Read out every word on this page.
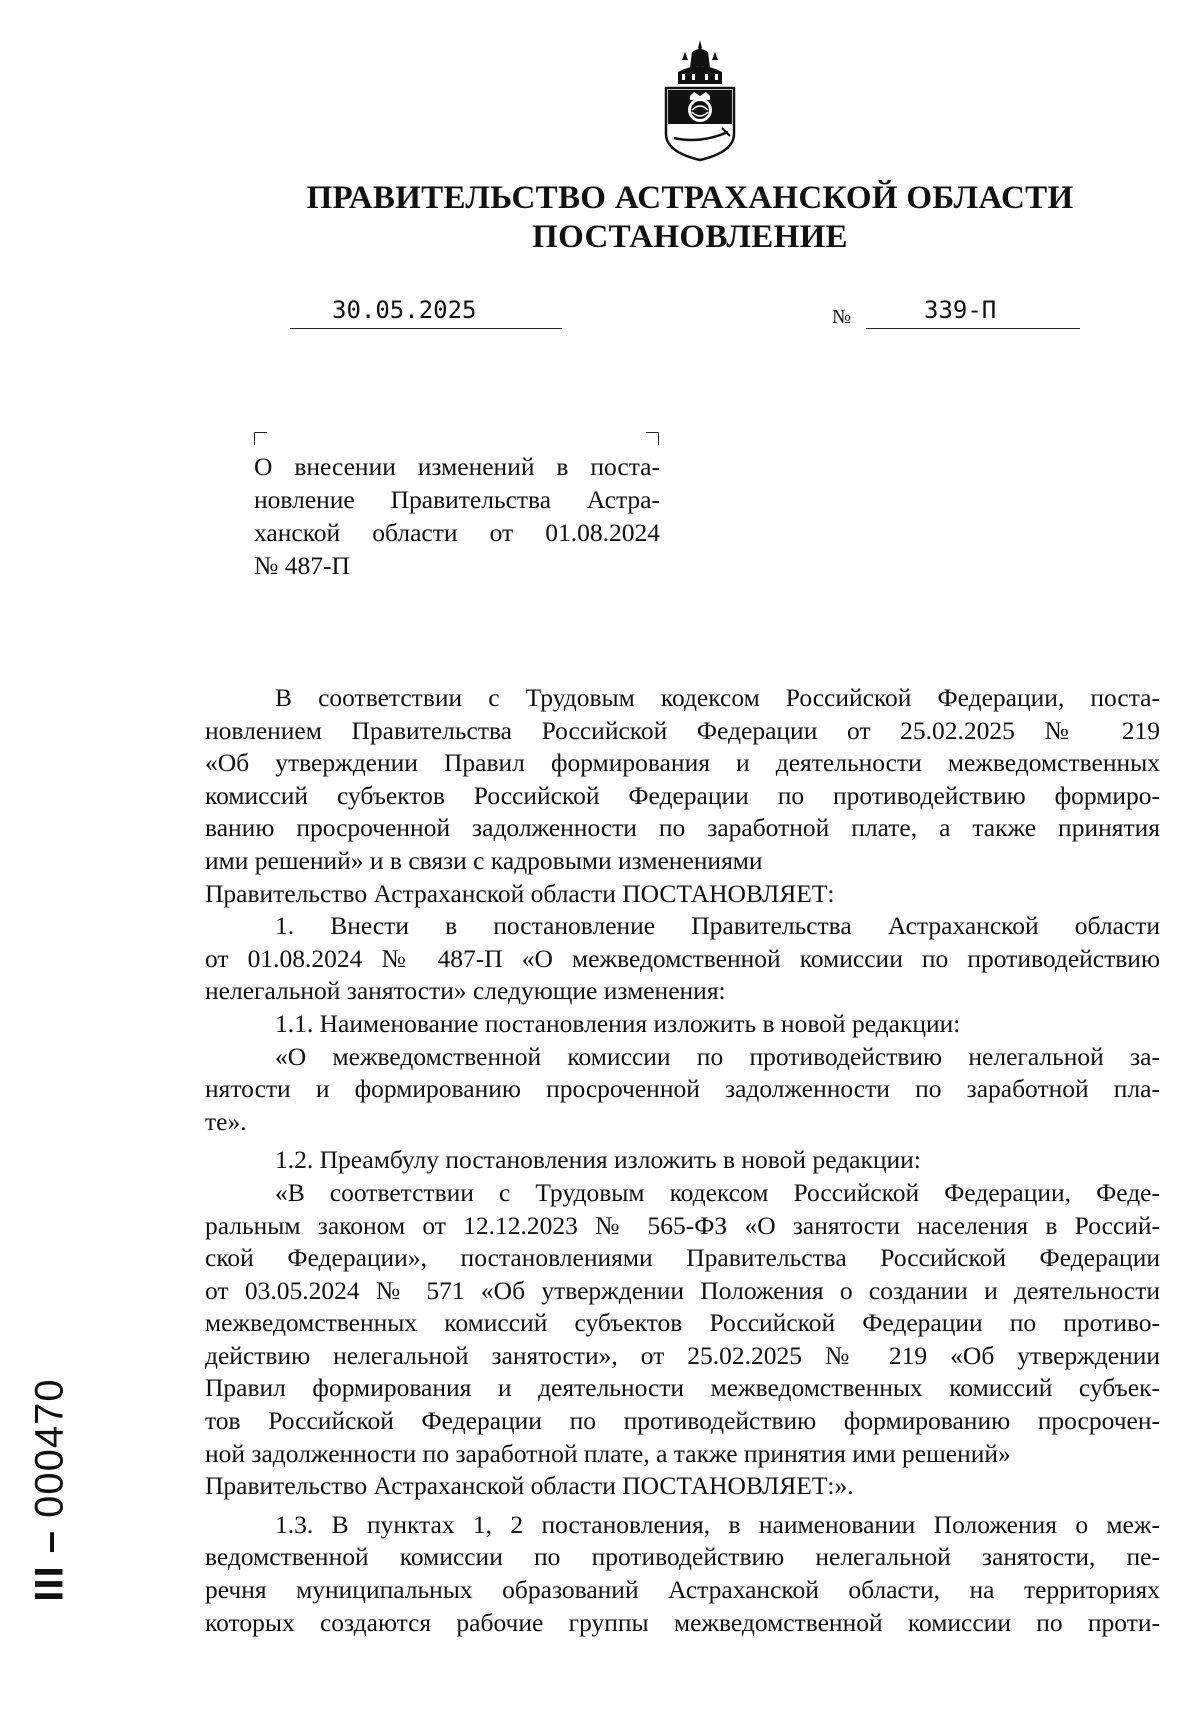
ПРАВИТЕЛЬСТВО АСТРАХАНСКОЙ ОБЛАСТИ
ПОСТАНОВЛЕНИЕ
30.05.2025	№	339-П
О внесении изменений в поста-
новление Правительства Астра-
ханской области от 01.08.2024
№ 487-П
В соответствии с Трудовым кодексом Российской Федерации, поста-
новлением Правительства Российской Федерации от 25.02.2025 № 219
«Об утверждении Правил формирования и деятельности межведомственных
комиссий субъектов Российской Федерации по противодействию формиро-
ванию просроченной задолженности по заработной плате, а также принятия
ими решений» и в связи с кадровыми изменениями
Правительство Астраханской области ПОСТАНОВЛЯЕТ:
1. Внести в постановление Правительства Астраханской области
от 01.08.2024 № 487-П «О межведомственной комиссии по противодействию
нелегальной занятости» следующие изменения:
1.1. Наименование постановления изложить в новой редакции:
«О межведомственной комиссии по противодействию нелегальной за-
нятости и формированию просроченной задолженности по заработной пла-
те».
1.2. Преамбулу постановления изложить в новой редакции:
«В соответствии с Трудовым кодексом Российской Федерации, Феде-
ральным законом от 12.12.2023 № 565-ФЗ «О занятости населения в Россий-
ской Федерации», постановлениями Правительства Российской Федерации
от 03.05.2024 № 571 «Об утверждении Положения о создании и деятельности
межведомственных комиссий субъектов Российской Федерации по противо-
действию нелегальной занятости», от 25.02.2025 № 219 «Об утверждении
Правил формирования и деятельности межведомственных комиссий субъек-
тов Российской Федерации по противодействию формированию просрочен-
ной задолженности по заработной плате, а также принятия ими решений»
Правительство Астраханской области ПОСТАНОВЛЯЕТ:».
1.3. В пунктах 1, 2 постановления, в наименовании Положения о меж-
ведомственной комиссии по противодействию нелегальной занятости, пе-
речня муниципальных образований Астраханской области, на территориях
которых создаются рабочие группы межведомственной комиссии по проти-
ІІІ – 000470
